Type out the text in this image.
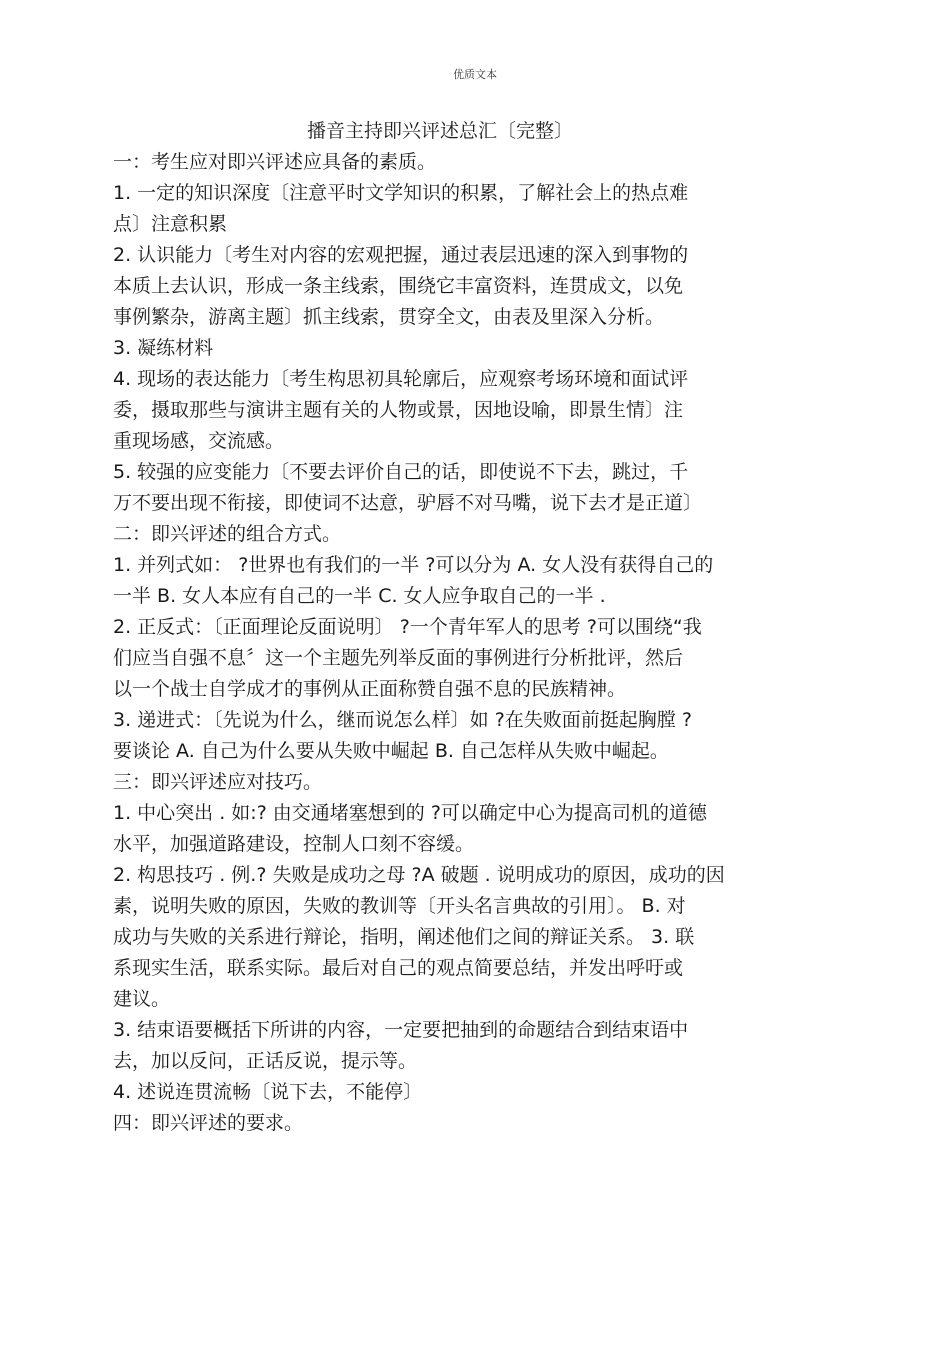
优质文本
播音主持即兴评述总汇〔完整〕
一：考生应对即兴评述应具备的素质。
1. 一定的知识深度〔注意平时文学知识的积累，了解社会上的热点难
点〕注意积累
2. 认识能力〔考生对内容的宏观把握，通过表层迅速的深入到事物的
本质上去认识，形成一条主线索，围绕它丰富资料，连贯成文，以免
事例繁杂，游离主题〕抓主线索，贯穿全文，由表及里深入分析。
3. 凝练材料
4. 现场的表达能力〔考生构思初具轮廓后，应观察考场环境和面试评
委，摄取那些与演讲主题有关的人物或景，因地设喻，即景生情〕注
重现场感，交流感。
5. 较强的应变能力〔不要去评价自己的话，即使说不下去，跳过，千
万不要出现不衔接，即使词不达意，驴唇不对马嘴，说下去才是正道〕
二：即兴评述的组合方式。
1. 并列式如： ?世界也有我们的一半 ?可以分为 A. 女人没有获得自己的
一半 B. 女人本应有自己的一半 C. 女人应争取自己的一半 .
2. 正反式：〔正面理论反面说明〕 ?一个青年军人的思考 ?可以围绕“我
们应当自强不息〞这一个主题先列举反面的事例进行分析批评，然后
以一个战士自学成才的事例从正面称赞自强不息的民族精神。
3. 递进式：〔先说为什么，继而说怎么样〕如 ?在失败面前挺起胸膛 ?
要谈论 A. 自己为什么要从失败中崛起 B. 自己怎样从失败中崛起。
三：即兴评述应对技巧。
1. 中心突出 . 如:? 由交通堵塞想到的 ?可以确定中心为提高司机的道德
水平，加强道路建设，控制人口刻不容缓。
2. 构思技巧 . 例.? 失败是成功之母 ?A 破题 . 说明成功的原因，成功的因
素，说明失败的原因，失败的教训等〔开头名言典故的引用〕。 B. 对
成功与失败的关系进行辩论，指明，阐述他们之间的辩证关系。 3. 联
系现实生活，联系实际。最后对自己的观点简要总结，并发出呼吁或
建议。
3. 结束语要概括下所讲的内容，一定要把抽到的命题结合到结束语中
去，加以反问，正话反说，提示等。
4. 述说连贯流畅〔说下去，不能停〕
四：即兴评述的要求。
